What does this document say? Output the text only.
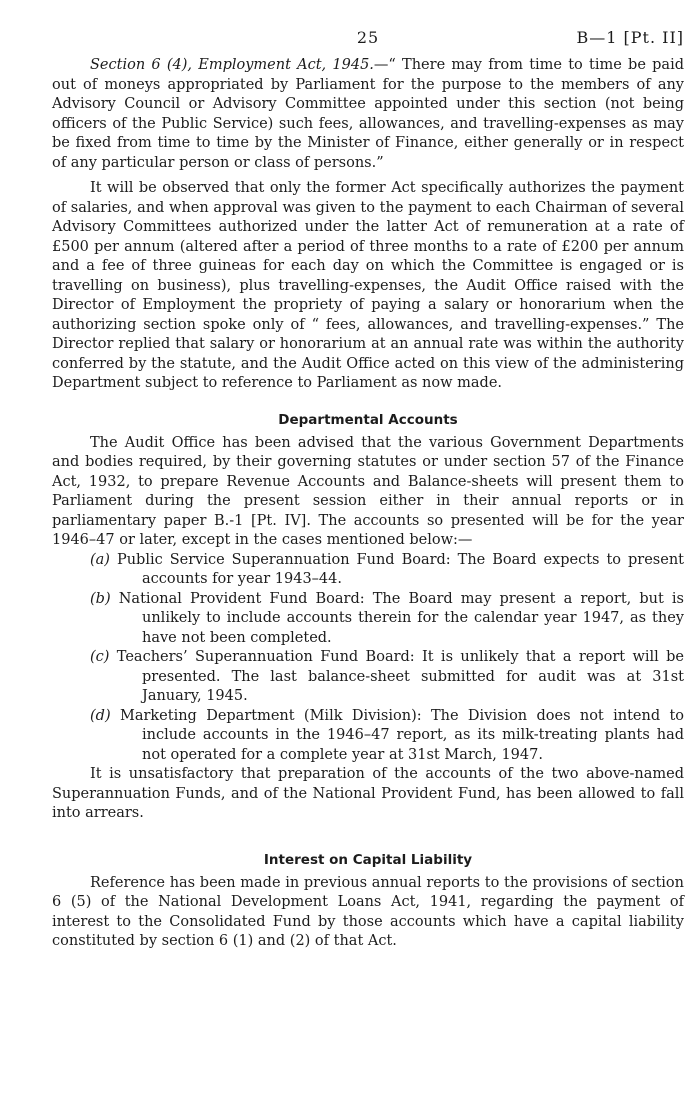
25	B—1 [Pt. II]

Section 6 (4), Employment Act, 1945.—“ There may from time to time be paid out of moneys appropriated by Parliament for the purpose to the members of any Advisory Council or Advisory Committee appointed under this section (not being officers of the Public Service) such fees, allowances, and travelling-expenses as may be fixed from time to time by the Minister of Finance, either generally or in respect of any particular person or class of persons.”

It will be observed that only the former Act specifically authorizes the payment of salaries, and when approval was given to the payment to each Chairman of several Advisory Committees authorized under the latter Act of remuneration at a rate of £500 per annum (altered after a period of three months to a rate of £200 per annum and a fee of three guineas for each day on which the Committee is engaged or is travelling on business), plus travelling-expenses, the Audit Office raised with the Director of Employment the propriety of paying a salary or honorarium when the authorizing section spoke only of “ fees, allowances, and travelling-expenses.” The Director replied that salary or honorarium at an annual rate was within the authority conferred by the statute, and the Audit Office acted on this view of the administering Department subject to reference to Parliament as now made.

Departmental Accounts

The Audit Office has been advised that the various Government Departments and bodies required, by their governing statutes or under section 57 of the Finance Act, 1932, to prepare Revenue Accounts and Balance-sheets will present them to Parliament during the present session either in their annual reports or in parliamentary paper B.-1 [Pt. IV]. The accounts so presented will be for the year 1946–47 or later, except in the cases mentioned below:—

(a) Public Service Superannuation Fund Board: The Board expects to present accounts for year 1943–44.
(b) National Provident Fund Board: The Board may present a report, but is unlikely to include accounts therein for the calendar year 1947, as they have not been completed.
(c) Teachers’ Superannuation Fund Board: It is unlikely that a report will be presented. The last balance-sheet submitted for audit was at 31st January, 1945.
(d) Marketing Department (Milk Division): The Division does not intend to include accounts in the 1946–47 report, as its milk-treating plants had not operated for a complete year at 31st March, 1947.

It is unsatisfactory that preparation of the accounts of the two above-named Superannuation Funds, and of the National Provident Fund, has been allowed to fall into arrears.

Interest on Capital Liability

Reference has been made in previous annual reports to the provisions of section 6 (5) of the National Development Loans Act, 1941, regarding the payment of interest to the Consolidated Fund by those accounts which have a capital liability constituted by section 6 (1) and (2) of that Act.
